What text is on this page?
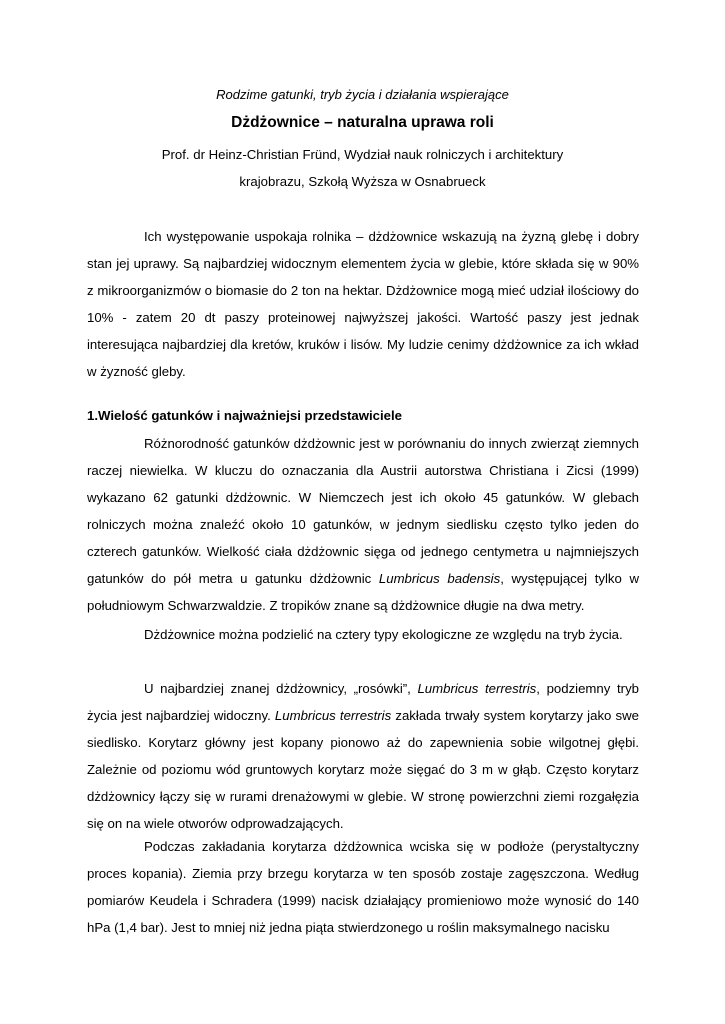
Rodzime gatunki, tryb życia i działania wspierające
Dżdżownice – naturalna uprawa roli
Prof. dr Heinz-Christian Fründ, Wydział nauk rolniczych i architektury
krajobrazu, Szkołą Wyższa w Osnabrueck

Ich występowanie uspokaja rolnika – dżdżownice wskazują na żyzną glebę i dobry stan jej uprawy. Są najbardziej widocznym elementem życia w glebie, które składa się w 90% z mikroorganizmów o biomasie do 2 ton na hektar. Dżdżownice mogą mieć udział ilościowy do 10% - zatem 20 dt paszy proteinowej najwyższej jakości. Wartość paszy jest jednak interesująca najbardziej dla kretów, kruków i lisów. My ludzie cenimy dżdżownice za ich wkład w żyzność gleby.

1.Wielość gatunków i najważniejsi przedstawiciele

Różnorodność gatunków dżdżownic jest w porównaniu do innych zwierząt ziemnych raczej niewielka. W kluczu do oznaczania dla Austrii autorstwa Christiana i Zicsi (1999) wykazano 62 gatunki dżdżownic. W Niemczech jest ich około 45 gatunków. W glebach rolniczych można znaleźć około 10 gatunków, w jednym siedlisku często tylko jeden do czterech gatunków. Wielkość ciała dżdżownic sięga od jednego centymetra u najmniejszych gatunków do pół metra u gatunku dżdżownic Lumbricus badensis, występującej tylko w południowym Schwarzwaldzie. Z tropików znane są dżdżownice długie na dwa metry.

Dżdżownice można podzielić na cztery typy ekologiczne ze względu na tryb życia.

U najbardziej znanej dżdżownicy, „rosówki”, Lumbricus terrestris, podziemny tryb życia jest najbardziej widoczny. Lumbricus terrestris zakłada trwały system korytarzy jako swe siedlisko. Korytarz główny jest kopany pionowo aż do zapewnienia sobie wilgotnej głębi. Zależnie od poziomu wód gruntowych korytarz może sięgać do 3 m w głąb. Często korytarz dżdżownicy łączy się w rurami drenażowymi w glebie. W stronę powierzchni ziemi rozgałęzia się on na wiele otworów odprowadzających.

Podczas zakładania korytarza dżdżownica wciska się w podłoże (perystaltyczny proces kopania). Ziemia przy brzegu korytarza w ten sposób zostaje zagęszczona. Według pomiarów Keudela i Schradera (1999) nacisk działający promieniowo może wynosić do 140 hPa (1,4 bar). Jest to mniej niż jedna piąta stwierdzonego u roślin maksymalnego nacisku
